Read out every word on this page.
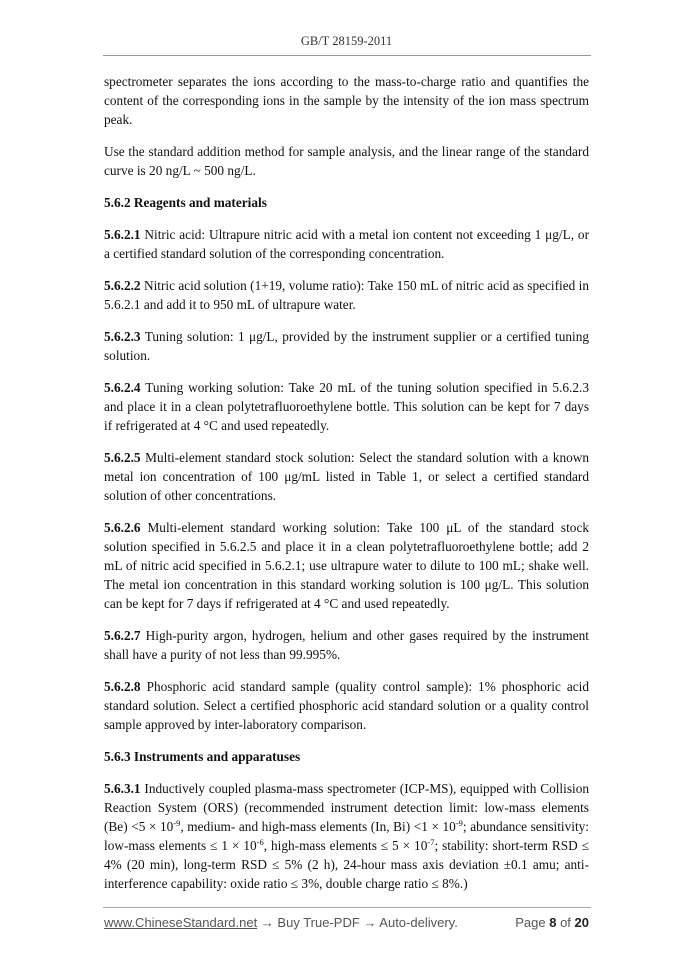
GB/T 28159-2011

spectrometer separates the ions according to the mass-to-charge ratio and quantifies the content of the corresponding ions in the sample by the intensity of the ion mass spectrum peak.

Use the standard addition method for sample analysis, and the linear range of the standard curve is 20 ng/L ~ 500 ng/L.

5.6.2 Reagents and materials

5.6.2.1 Nitric acid: Ultrapure nitric acid with a metal ion content not exceeding 1 μg/L, or a certified standard solution of the corresponding concentration.

5.6.2.2 Nitric acid solution (1+19, volume ratio): Take 150 mL of nitric acid as specified in 5.6.2.1 and add it to 950 mL of ultrapure water.

5.6.2.3 Tuning solution: 1 μg/L, provided by the instrument supplier or a certified tuning solution.

5.6.2.4 Tuning working solution: Take 20 mL of the tuning solution specified in 5.6.2.3 and place it in a clean polytetrafluoroethylene bottle. This solution can be kept for 7 days if refrigerated at 4 °C and used repeatedly.

5.6.2.5 Multi-element standard stock solution: Select the standard solution with a known metal ion concentration of 100 μg/mL listed in Table 1, or select a certified standard solution of other concentrations.

5.6.2.6 Multi-element standard working solution: Take 100 μL of the standard stock solution specified in 5.6.2.5 and place it in a clean polytetrafluoroethylene bottle; add 2 mL of nitric acid specified in 5.6.2.1; use ultrapure water to dilute to 100 mL; shake well. The metal ion concentration in this standard working solution is 100 μg/L. This solution can be kept for 7 days if refrigerated at 4 °C and used repeatedly.

5.6.2.7 High-purity argon, hydrogen, helium and other gases required by the instrument shall have a purity of not less than 99.995%.

5.6.2.8 Phosphoric acid standard sample (quality control sample): 1% phosphoric acid standard solution. Select a certified phosphoric acid standard solution or a quality control sample approved by inter-laboratory comparison.

5.6.3 Instruments and apparatuses

5.6.3.1 Inductively coupled plasma-mass spectrometer (ICP-MS), equipped with Collision Reaction System (ORS) (recommended instrument detection limit: low-mass elements $(Be) <5 \times 10^{-9}$, medium- and high-mass elements (In, $Bi) <1 \times 10^{-9}$; abundance sensitivity: low-mass elements ≤ $1 \times 10^{-6}$, high-mass elements ≤ $5 \times 10^{-7}$; stability: short-term RSD ≤ 4% (20 min), long-term RSD ≤ 5% (2 h), 24-hour mass axis deviation ±0.1 amu; anti-interference capability: oxide ratio ≤ 3%, double charge ratio ≤ 8%.)

www.ChineseStandard.net → Buy True-PDF → Auto-delivery.	Page 8 of 20
